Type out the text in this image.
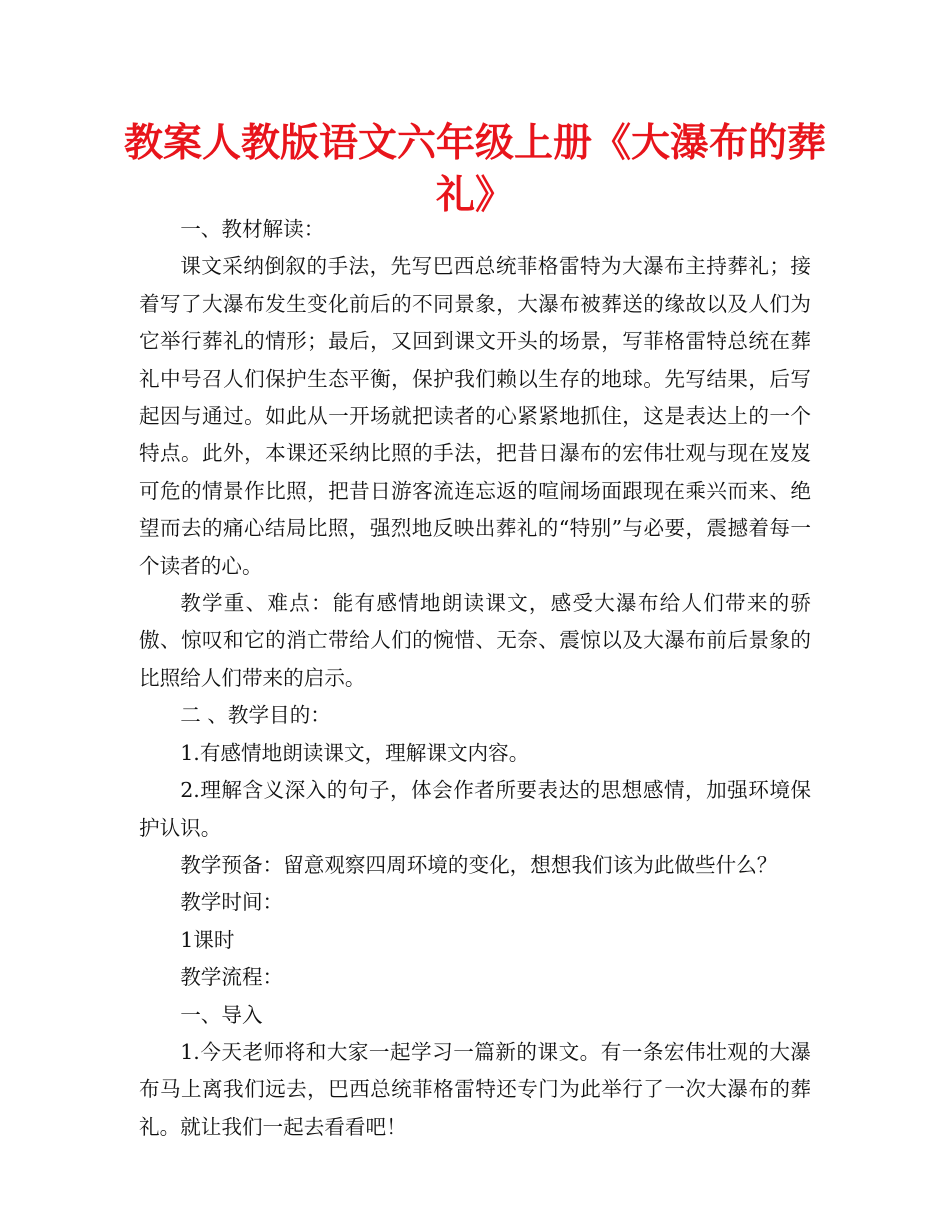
教案人教版语文六年级上册《大瀑布的葬礼》

一、教材解读：

课文采纳倒叙的手法，先写巴西总统菲格雷特为大瀑布主持葬礼；接着写了大瀑布发生变化前后的不同景象，大瀑布被葬送的缘故以及人们为它举行葬礼的情形；最后，又回到课文开头的场景，写菲格雷特总统在葬礼中号召人们保护生态平衡，保护我们赖以生存的地球。先写结果，后写起因与通过。如此从一开场就把读者的心紧紧地抓住，这是表达上的一个特点。此外，本课还采纳比照的手法，把昔日瀑布的宏伟壮观与现在岌岌可危的情景作比照，把昔日游客流连忘返的喧闹场面跟现在乘兴而来、绝望而去的痛心结局比照，强烈地反映出葬礼的“特别”与必要，震撼着每一个读者的心。

教学重、难点：能有感情地朗读课文，感受大瀑布给人们带来的骄傲、惊叹和它的消亡带给人们的惋惜、无奈、震惊以及大瀑布前后景象的比照给人们带来的启示。

二 、教学目的：

1.有感情地朗读课文，理解课文内容。

2.理解含义深入的句子，体会作者所要表达的思想感情，加强环境保护认识。

教学预备：留意观察四周环境的变化，想想我们该为此做些什么？

教学时间：

1课时

教学流程：

一、导入

1.今天老师将和大家一起学习一篇新的课文。有一条宏伟壮观的大瀑布马上离我们远去，巴西总统菲格雷特还专门为此举行了一次大瀑布的葬礼。就让我们一起去看看吧！
